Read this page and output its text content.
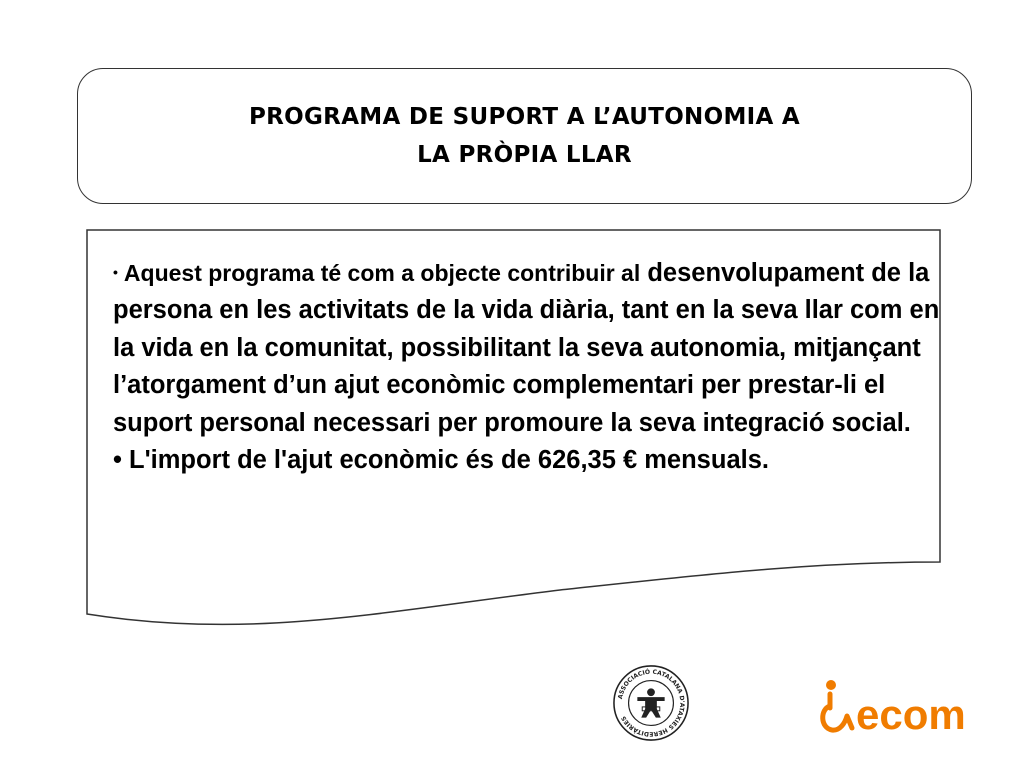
PROGRAMA DE SUPORT A L’AUTONOMIA A
LA PRÒPIA LLAR

• Aquest programa té com a objecte contribuir al desenvolupament de la persona en les activitats de la vida diària, tant en la seva llar com en la vida en la comunitat, possibilitant la seva autonomia, mitjançant l’atorgament d’un ajut econòmic complementari per prestar-li el suport personal necessari per promoure la seva integració social.

• L'import de l'ajut econòmic és de 626,35 € mensuals.

ASSOCIACIÓ CATALANA D'ATAXIES HEREDITÀRIES	ecom
